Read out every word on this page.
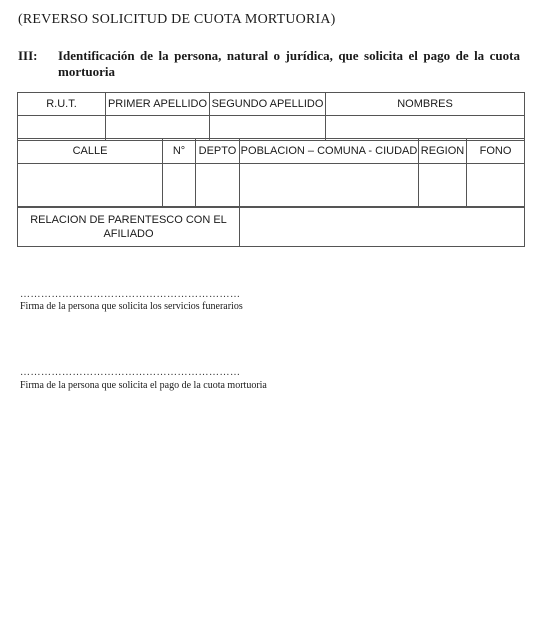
(REVERSO SOLICITUD DE CUOTA MORTUORIA)
III: Identificación de la persona, natural o jurídica, que solicita el pago de la cuota mortuoria
R.U.T.	PRIMER APELLIDO	SEGUNDO APELLIDO	NOMBRES

CALLE	N°	DEPTO	POBLACION – COMUNA - CIUDAD	REGION	FONO

RELACION DE PARENTESCO CON EL AFILIADO	
………………………………………………………
Firma de la persona que solicita los servicios funerarios
………………………………………………………
Firma de la persona que solicita el pago de la cuota mortuoria
